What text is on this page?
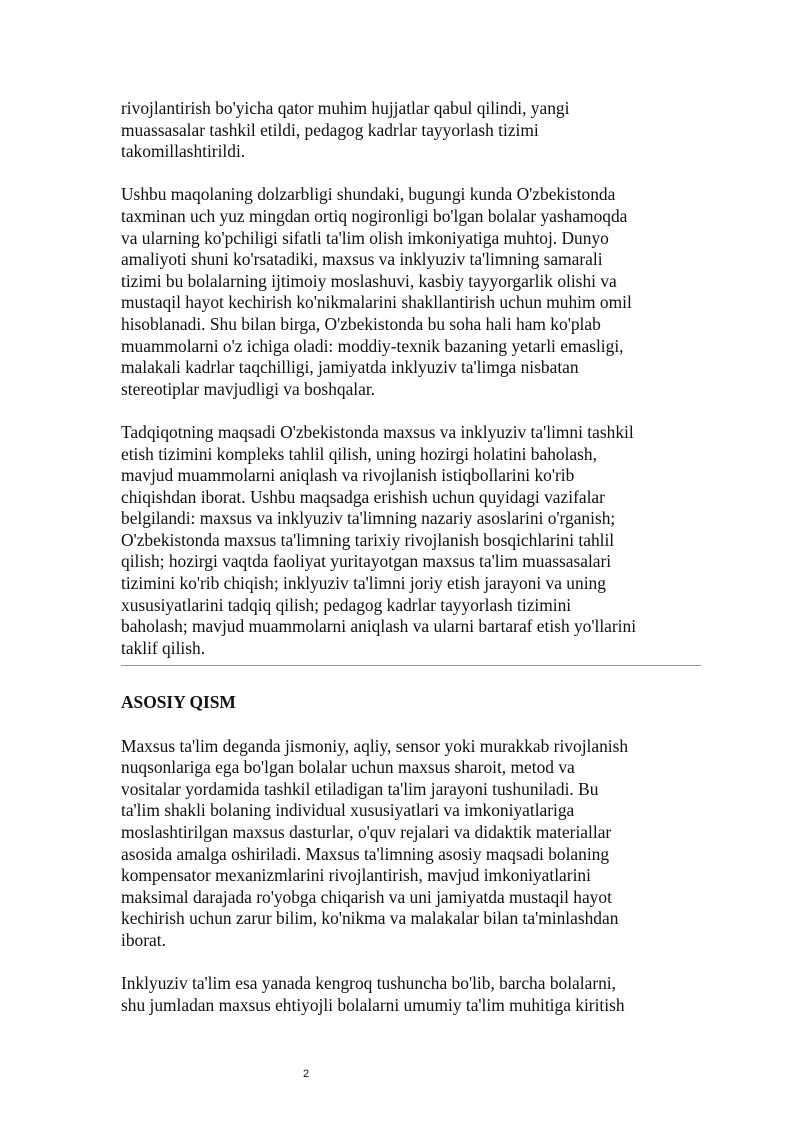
rivojlantirish bo'yicha qator muhim hujjatlar qabul qilindi, yangi
muassasalar tashkil etildi, pedagog kadrlar tayyorlash tizimi
takomillashtirildi.

Ushbu maqolaning dolzarbligi shundaki, bugungi kunda O'zbekistonda
taxminan uch yuz mingdan ortiq nogironligi bo'lgan bolalar yashamoqda
va ularning ko'pchiligi sifatli ta'lim olish imkoniyatiga muhtoj. Dunyo
amaliyoti shuni ko'rsatadiki, maxsus va inklyuziv ta'limning samarali
tizimi bu bolalarning ijtimoiy moslashuvi, kasbiy tayyorgarlik olishi va
mustaqil hayot kechirish ko'nikmalarini shakllantirish uchun muhim omil
hisoblanadi. Shu bilan birga, O'zbekistonda bu soha hali ham ko'plab
muammolarni o'z ichiga oladi: moddiy-texnik bazaning yetarli emasligi,
malakali kadrlar taqchilligi, jamiyatda inklyuziv ta'limga nisbatan
stereotiplar mavjudligi va boshqalar.

Tadqiqotning maqsadi O'zbekistonda maxsus va inklyuziv ta'limni tashkil
etish tizimini kompleks tahlil qilish, uning hozirgi holatini baholash,
mavjud muammolarni aniqlash va rivojlanish istiqbollarini ko'rib
chiqishdan iborat. Ushbu maqsadga erishish uchun quyidagi vazifalar
belgilandi: maxsus va inklyuziv ta'limning nazariy asoslarini o'rganish;
O'zbekistonda maxsus ta'limning tarixiy rivojlanish bosqichlarini tahlil
qilish; hozirgi vaqtda faoliyat yuritayotgan maxsus ta'lim muassasalari
tizimini ko'rib chiqish; inklyuziv ta'limni joriy etish jarayoni va uning
xususiyatlarini tadqiq qilish; pedagog kadrlar tayyorlash tizimini
baholash; mavjud muammolarni aniqlash va ularni bartaraf etish yo'llarini
taklif qilish.

ASOSIY QISM

Maxsus ta'lim deganda jismoniy, aqliy, sensor yoki murakkab rivojlanish
nuqsonlariga ega bo'lgan bolalar uchun maxsus sharoit, metod va
vositalar yordamida tashkil etiladigan ta'lim jarayoni tushuniladi. Bu
ta'lim shakli bolaning individual xususiyatlari va imkoniyatlariga
moslashtirilgan maxsus dasturlar, o'quv rejalari va didaktik materiallar
asosida amalga oshiriladi. Maxsus ta'limning asosiy maqsadi bolaning
kompensator mexanizmlarini rivojlantirish, mavjud imkoniyatlarini
maksimal darajada ro'yobga chiqarish va uni jamiyatda mustaqil hayot
kechirish uchun zarur bilim, ko'nikma va malakalar bilan ta'minlashdan
iborat.

Inklyuziv ta'lim esa yanada kengroq tushuncha bo'lib, barcha bolalarni,
shu jumladan maxsus ehtiyojli bolalarni umumiy ta'lim muhitiga kiritish

2
